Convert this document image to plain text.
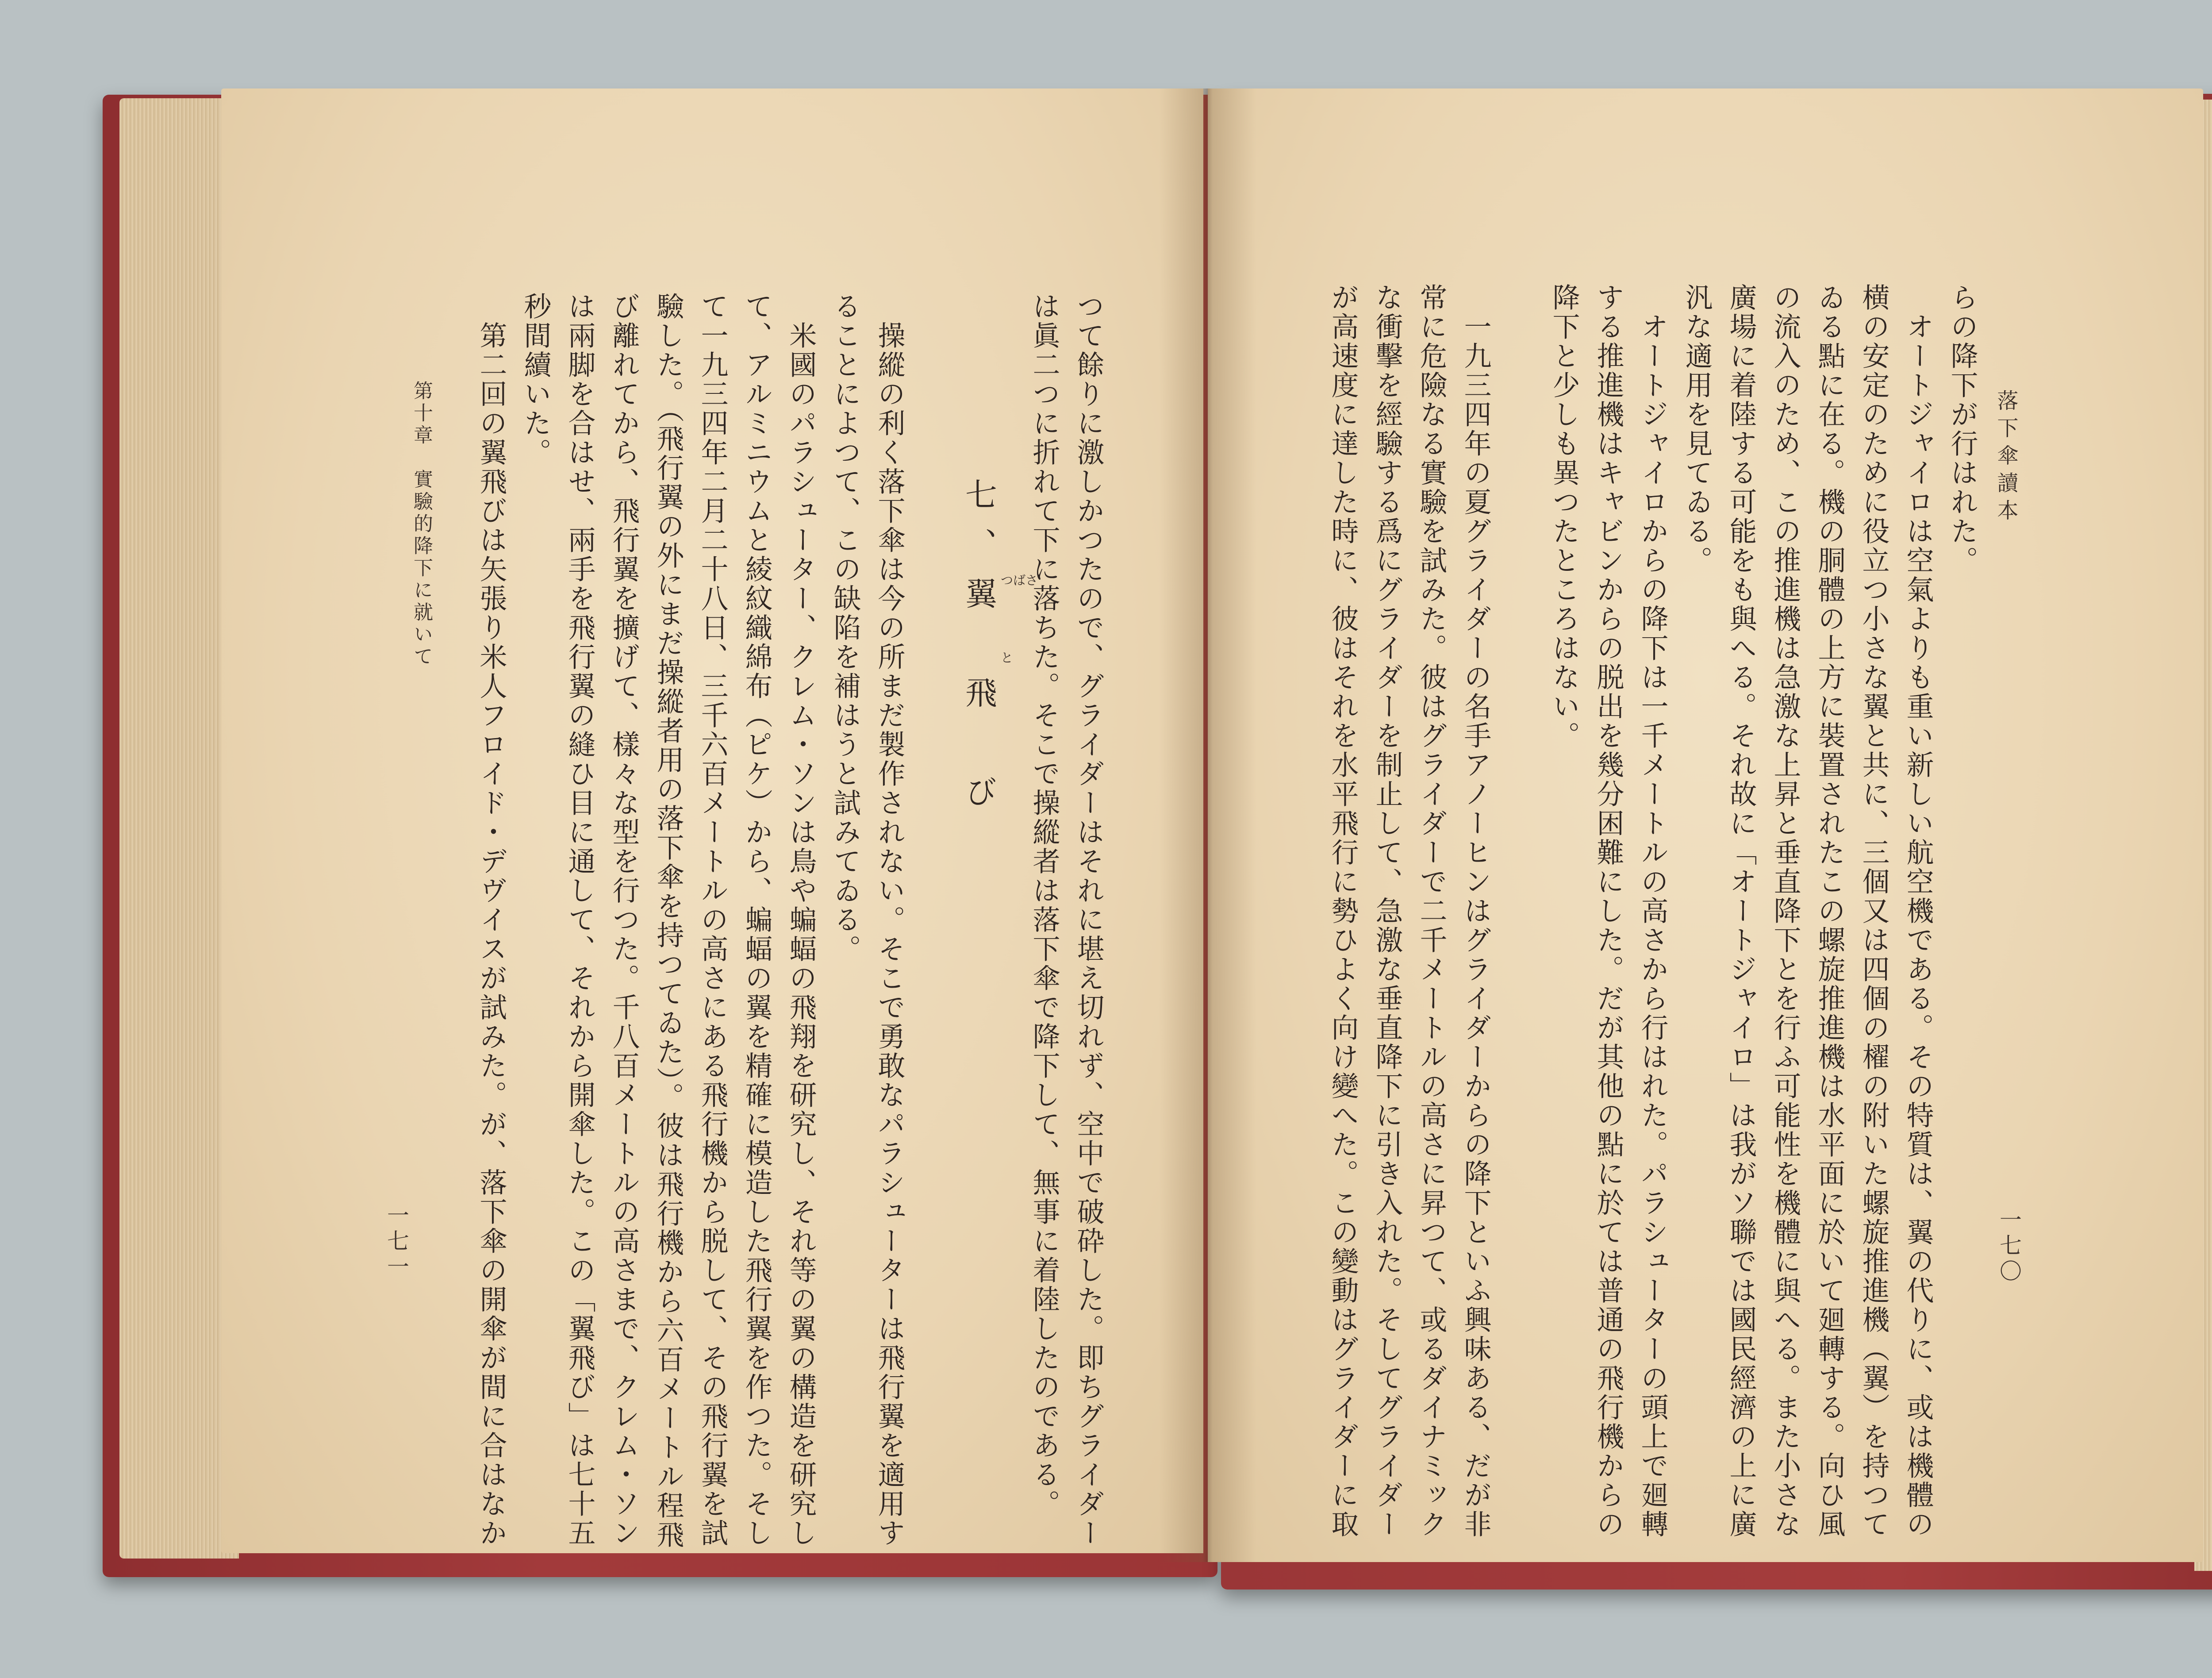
落下傘讀本
一七〇
らの降下が行はれた。
　オートジャイロは空氣よりも重い新しい航空機である。その特質は、翼の代りに、或は機體の
横の安定のために役立つ小さな翼と共に、三個又は四個の櫂の附いた螺旋推進機（翼）を持つて
ゐる點に在る。機の胴體の上方に裝置されたこの螺旋推進機は水平面に於いて廻轉する。向ひ風
の流入のため、この推進機は急激な上昇と垂直降下とを行ふ可能性を機體に與へる。また小さな
廣場に着陸する可能をも與へる。それ故に「オートジャイロ」は我がソ聯では國民經濟の上に廣
汎な適用を見てゐる。
　オートジャイロからの降下は一千メートルの高さから行はれた。パラシューターの頭上で廻轉
する推進機はキャビンからの脱出を幾分困難にした。だが其他の點に於ては普通の飛行機からの
降下と少しも異つたところはない。
　一九三四年の夏グライダーの名手アノーヒンはグライダーからの降下といふ興味ある、だが非
常に危險なる實驗を試みた。彼はグライダーで二千メートルの高さに昇つて、或るダイナミック
な衝擊を經驗する爲にグライダーを制止して、急激な垂直降下に引き入れた。そしてグライダー
が高速度に達した時に、彼はそれを水平飛行に勢ひよく向け變へた。この變動はグライダーに取
つて餘りに激しかつたので、グライダーはそれに堪え切れず、空中で破砕した。即ちグライダー
は眞二つに折れて下に落ちた。そこで操縱者は落下傘で降下して、無事に着陸したのである。
七、翼　飛　び つばさ
と
　操縱の利く落下傘は今の所まだ製作されない。そこで勇敢なパラシューターは飛行翼を適用す
ることによつて、この缺陷を補はうと試みてゐる。
　米國のパラシューター、クレム・ソンは鳥や蝙蝠の飛翔を研究し、それ等の翼の構造を研究し
て、アルミニウムと綾紋織綿布（ピケ）から、蝙蝠の翼を精確に模造した飛行翼を作つた。そし
て一九三四年二月二十八日、三千六百メートルの高さにある飛行機から脱して、その飛行翼を試
驗した。（飛行翼の外にまだ操縱者用の落下傘を持つてゐた）。彼は飛行機から六百メートル程飛
び離れてから、飛行翼を擴げて、樣々な型を行つた。千八百メートルの高さまで、クレム・ソン
は兩脚を合はせ、兩手を飛行翼の縫ひ目に通して、それから開傘した。この「翼飛び」は七十五
秒間續いた。
　第二回の翼飛びは矢張り米人フロイド・デヴイスが試みた。が、落下傘の開傘が間に合はなか
第十章　實驗的降下に就いて
一七一
